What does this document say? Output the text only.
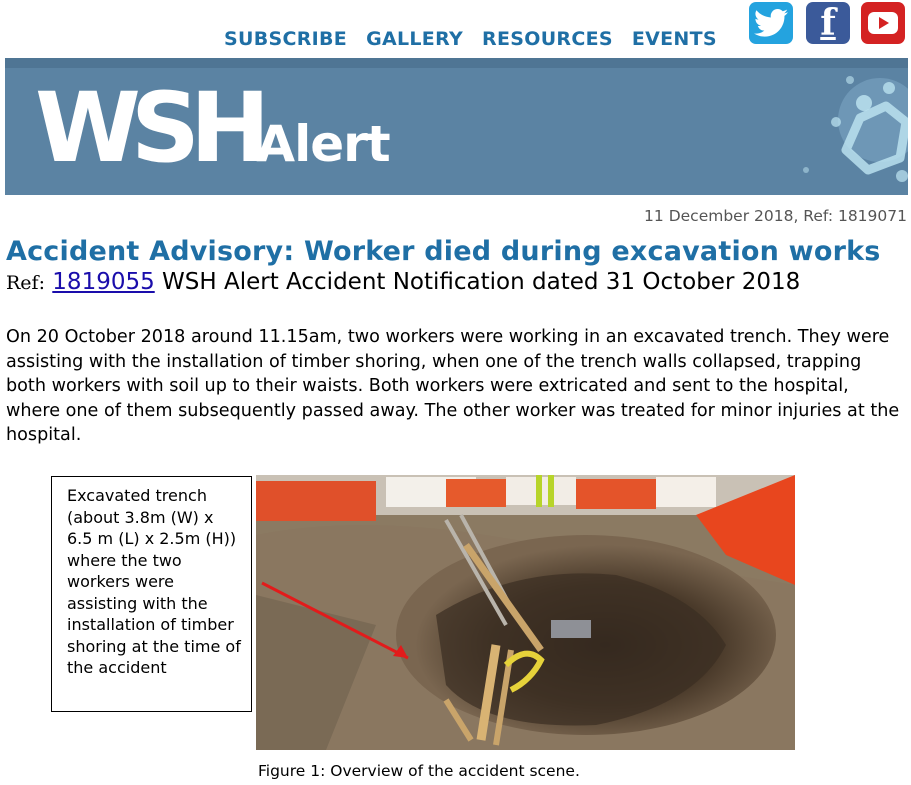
SUBSCRIBE GALLERY RESOURCES EVENTS	f
WSHAlert
11 December 2018, Ref: 1819071
Accident Advisory: Worker died during excavation works
Ref: 1819055 WSH Alert Accident Notification dated 31 October 2018

On 20 October 2018 around 11.15am, two workers were working in an excavated trench. They were assisting with the installation of timber shoring, when one of the trench walls collapsed, trapping both workers with soil up to their waists. Both workers were extricated and sent to the hospital, where one of them subsequently passed away. The other worker was treated for minor injuries at the hospital.

Excavated trench (about 3.8m (W) x 6.5 m (L) x 2.5m (H)) where the two workers were assisting with the installation of timber shoring at the time of the accident
Figure 1: Overview of the accident scene.
